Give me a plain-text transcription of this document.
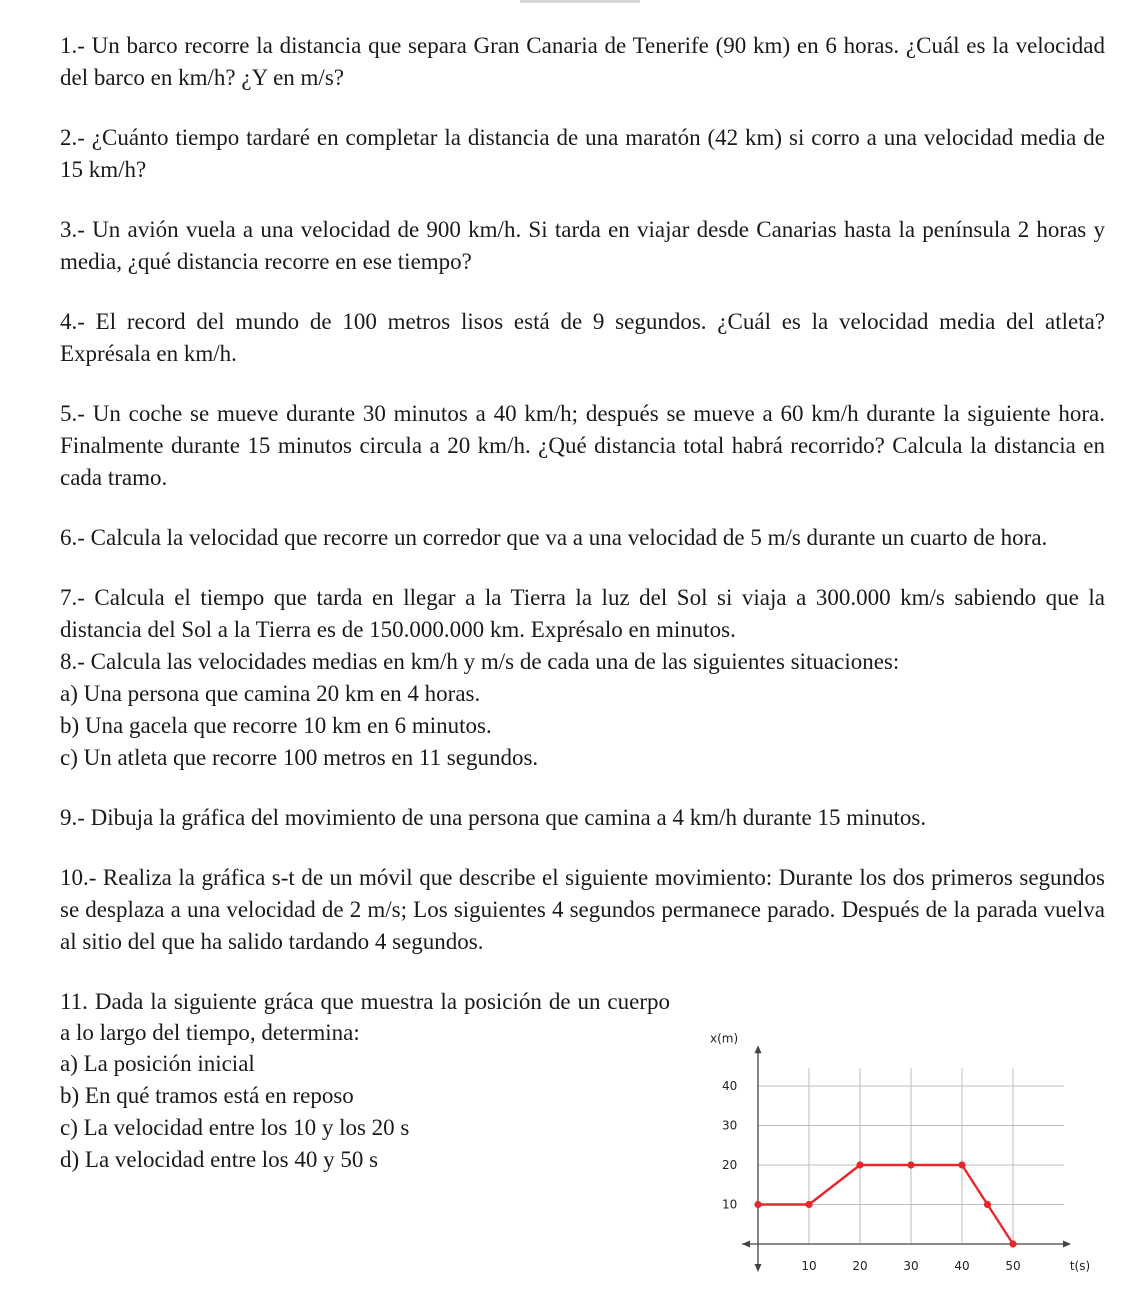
1.- Un barco recorre la distancia que separa Gran Canaria de Tenerife (90 km) en 6 horas. ¿Cuál es la velocidad del barco en km/h? ¿Y en m/s?

2.- ¿Cuánto tiempo tardaré en completar la distancia de una maratón (42 km) si corro a una velocidad media de 15 km/h?

3.- Un avión vuela a una velocidad de 900 km/h. Si tarda en viajar desde Canarias hasta la península 2 horas y media, ¿qué distancia recorre en ese tiempo?

4.- El record del mundo de 100 metros lisos está de 9 segundos. ¿Cuál es la velocidad media del atleta? Exprésala en km/h.

5.- Un coche se mueve durante 30 minutos a 40 km/h; después se mueve a 60 km/h durante la siguiente hora. Finalmente durante 15 minutos circula a 20 km/h. ¿Qué distancia total habrá recorrido? Calcula la distancia en cada tramo.

6.- Calcula la velocidad que recorre un corredor que va a una velocidad de 5 m/s durante un cuarto de hora.

7.- Calcula el tiempo que tarda en llegar a la Tierra la luz del Sol si viaja a 300.000 km/s sabiendo que la distancia del Sol a la Tierra es de 150.000.000 km. Exprésalo en minutos.

8.- Calcula las velocidades medias en km/h y m/s de cada una de las siguientes situaciones:

a) Una persona que camina 20 km en 4 horas.

b) Una gacela que recorre 10 km en 6 minutos.

c) Un atleta que recorre 100 metros en 11 segundos.

9.- Dibuja la gráfica del movimiento de una persona que camina a 4 km/h durante 15 minutos.

10.- Realiza la gráfica s-t de un móvil que describe el siguiente movimiento: Durante los dos primeros segundos se desplaza a una velocidad de 2 m/s; Los siguientes 4 segundos permanece parado. Después de la parada vuelva al sitio del que ha salido tardando 4 segundos.

11. Dada la siguiente gráca que muestra la posición de un cuerpo a lo largo del tiempo, determina:

a) La posición inicial

b) En qué tramos está en reposo

c) La velocidad entre los 10 y los 20 s

d) La velocidad entre los 40 y 50 s

10
20
30
40
10	20	30	40	50	t(s)
x(m)
